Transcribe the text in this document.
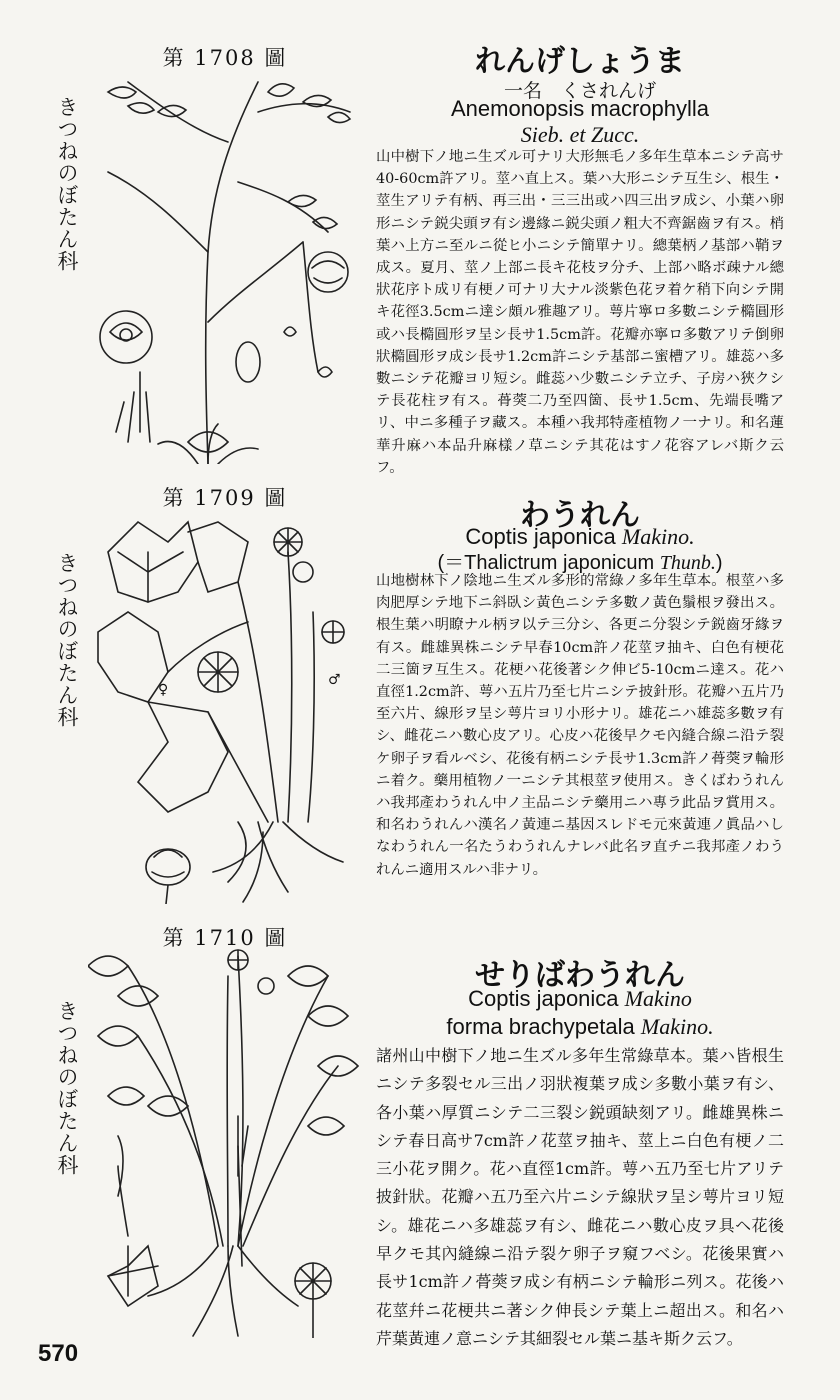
第 1708 圖
きつねのぼたん科
れんげしょうま
一名　くされんげ
Anemonopsis macrophylla
Sieb. et Zucc.
山中樹下ノ地ニ生ズル可ナリ大形無毛ノ多年生草本ニシテ高サ40-60cm許アリ。莖ハ直上ス。葉ハ大形ニシテ互生シ、根生・莖生アリテ有柄、再三出・三三出或ハ四三出ヲ成シ、小葉ハ卵形ニシテ鋭尖頭ヲ有シ邊緣ニ鋭尖頭ノ粗大不齊鋸齒ヲ有ス。梢葉ハ上方ニ至ルニ從ヒ小ニシテ簡單ナリ。總葉柄ノ基部ハ鞘ヲ成ス。夏月、莖ノ上部ニ長キ花枝ヲ分チ、上部ハ略ボ疎ナル總狀花序ト成リ有梗ノ可ナリ大ナル淡紫色花ヲ着ケ稍下向シテ開キ花徑3.5cmニ達シ頗ル雅趣アリ。萼片寧ロ多數ニシテ橢圓形或ハ長橢圓形ヲ呈シ長サ1.5cm許。花瓣亦寧ロ多數アリテ倒卵狀橢圓形ヲ成シ長サ1.2cm許ニシテ基部ニ蜜槽アリ。雄蕊ハ多數ニシテ花瓣ヨリ短シ。雌蕊ハ少數ニシテ立チ、子房ハ狹クシテ長花柱ヲ有ス。蓇葖二乃至四箇、長サ1.5cm、先端長嘴アリ、中ニ多種子ヲ藏ス。本種ハ我邦特產植物ノ一ナリ。和名蓮華升麻ハ本品升麻樣ノ草ニシテ其花はすノ花容アレバ斯ク云フ。
第 1709 圖
きつねのぼたん科	♀
♂
わうれん
Coptis japonica Makino.
(＝Thalictrum japonicum Thunb.)
山地樹林下ノ陰地ニ生ズル多形的常綠ノ多年生草本。根莖ハ多肉肥厚シテ地下ニ斜臥シ黃色ニシテ多數ノ黃色鬚根ヲ發出ス。根生葉ハ明瞭ナル柄ヲ以テ三分シ、各更ニ分裂シテ鋭齒牙緣ヲ有ス。雌雄異株ニシテ早春10cm許ノ花莖ヲ抽キ、白色有梗花二三箇ヲ互生ス。花梗ハ花後著シク伸ビ5-10cmニ達ス。花ハ直徑1.2cm許、萼ハ五片乃至七片ニシテ披針形。花瓣ハ五片乃至六片、線形ヲ呈シ萼片ヨリ小形ナリ。雄花ニハ雄蕊多數ヲ有シ、雌花ニハ數心皮アリ。心皮ハ花後早クモ內縫合線ニ沿テ裂ケ卵子ヲ看ルベシ、花後有柄ニシテ長サ1.3cm許ノ蓇葖ヲ輪形ニ着ク。藥用植物ノ一ニシテ其根莖ヲ使用ス。きくばわうれんハ我邦產わうれん中ノ主品ニシテ藥用ニハ專ラ此品ヲ賞用ス。和名わうれんハ漢名ノ黃連ニ基因スレドモ元來黃連ノ眞品ハしなわうれん一名たうわうれんナレバ此名ヲ直チニ我邦產ノわうれんニ適用スルハ非ナリ。
第 1710 圖
きつねのぼたん科
せりばわうれん
Coptis japonica Makino
forma brachypetala Makino.
諸州山中樹下ノ地ニ生ズル多年生常綠草本。葉ハ皆根生ニシテ多裂セル三出ノ羽狀複葉ヲ成シ多數小葉ヲ有シ、各小葉ハ厚質ニシテ二三裂シ鋭頭缺刻アリ。雌雄異株ニシテ春日高サ7cm許ノ花莖ヲ抽キ、莖上ニ白色有梗ノ二三小花ヲ開ク。花ハ直徑1cm許。萼ハ五乃至七片アリテ披針狀。花瓣ハ五乃至六片ニシテ線狀ヲ呈シ萼片ヨリ短シ。雄花ニハ多雄蕊ヲ有シ、雌花ニハ數心皮ヲ具ヘ花後早クモ其內縫線ニ沿テ裂ケ卵子ヲ窺フベシ。花後果實ハ長サ1cm許ノ蓇葖ヲ成シ有柄ニシテ輪形ニ列ス。花後ハ花莖幷ニ花梗共ニ著シク伸長シテ葉上ニ超出ス。和名ハ芹葉黃連ノ意ニシテ其細裂セル葉ニ基キ斯ク云フ。
570
